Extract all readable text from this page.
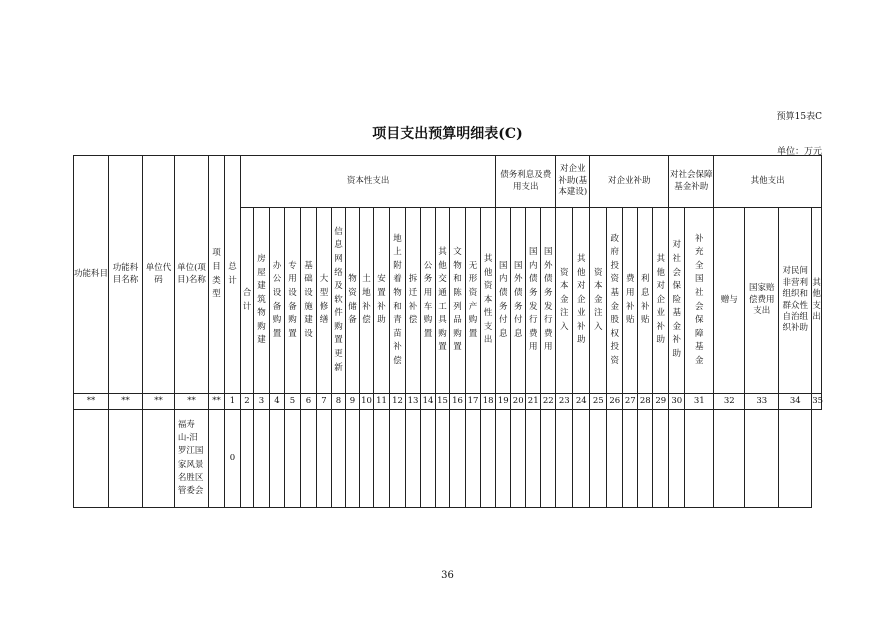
预算15表C
项目支出预算明细表(C)
单位：万元
功能科目	功能科目名称	单位代码	单位(项目)名称	项目类型	总计	资本性支出																	债务利息及费用支出				对企业补助(基本建设)		对企业补助					对社会保障基金补助		其他支出			
						合计	房屋建筑物购建	办公设备购置	专用设备购置	基础设施建设	大型修缮	信息网络及软件购置更新	物资储备	土地补偿	安置补助	地上附着物和青苗补偿	拆迁补偿	公务用车购置	其他交通工具购置	文物和陈列品购置	无形资产购置	其他资本性支出	国内债务付息	国外债务付息	国内债务发行费用	国外债务发行费用	资本金注入	其他对企业补助	资本金注入	政府投资基金股权投资	费用补贴	利息补贴	其他对企业补助	对社会保险基金补助	补充全国社会保障基金	赠与	国家赔偿费用支出	对民间非营利组织和群众性自治组织补助	其他支出
**	**	**	**	**	1	2	3	4	5	6	7	8	9	10	11	12	13	14	15	16	17	18	19	20	21	22	23	24	25	26	27	28	29	30	31	32	33	34	35
			福寿山-汨罗江国家风景名胜区管委会		0																																		
36
